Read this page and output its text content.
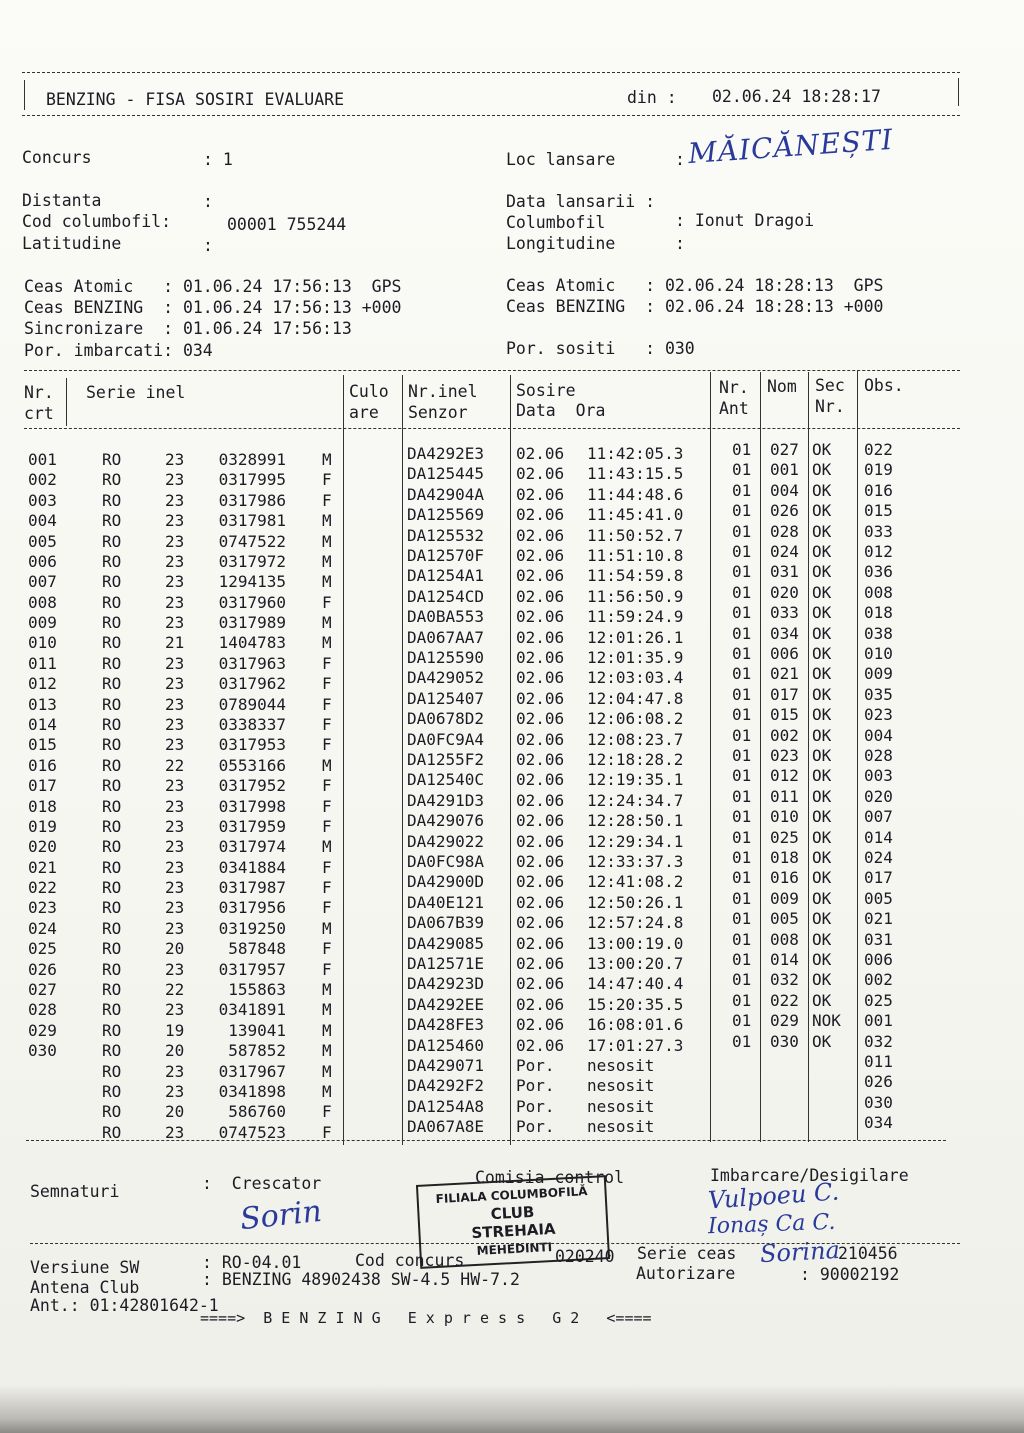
BENZING - FISA SOSIRI EVALUARE	din : 02.06.24 18:28:17
Concurs	: 1
Distanta	:
Cod columbofil:	00001 755244
Latitudine	:
Loc lansare	: MĂICĂNEȘTI
Data lansarii :
Columbofil	: Ionut Dragoi
Longitudine	:
Ceas Atomic   : 01.06.24 17:56:13  GPS
Ceas BENZING  : 01.06.24 17:56:13 +000
Sincronizare  : 01.06.24 17:56:13
Por. imbarcati: 034
Ceas Atomic   : 02.06.24 18:28:13  GPS
Ceas BENZING  : 02.06.24 18:28:13 +000
Por. sositi   : 030
Nr.
crt
Serie inel	Culo
are
Nr.inel
Senzor
Sosire
Data  Ora
Nr.
Ant
Nom Sec
Nr.
Obs.
001	RO	23	0328991 M	DA4292E3 02.06 11:42:05.3	01 027 OK 022
002	RO	23	0317995 F	DA125445 02.06 11:43:15.5	01 001 OK 019
003	RO	23	0317986 F	DA42904A 02.06 11:44:48.6	01 004 OK 016
004	RO	23	0317981 M	DA125569 02.06 11:45:41.0	01 026 OK 015
005	RO	23	0747522 M	DA125532 02.06 11:50:52.7	01 028 OK 033
006	RO	23	0317972 M	DA12570F 02.06 11:51:10.8	01 024 OK 012
007	RO	23	1294135 M	DA1254A1 02.06 11:54:59.8	01 031 OK 036
008	RO	23	0317960 F	DA1254CD 02.06 11:56:50.9	01 020 OK 008
009	RO	23	0317989 M	DA0BA553 02.06 11:59:24.9	01 033 OK 018
010	RO	21	1404783 M	DA067AA7 02.06 12:01:26.1	01 034 OK 038
011	RO	23	0317963 F	DA125590 02.06 12:01:35.9	01 006 OK 010
012	RO	23	0317962 F	DA429052 02.06 12:03:03.4	01 021 OK 009
013	RO	23	0789044 F	DA125407 02.06 12:04:47.8	01 017 OK 035
014	RO	23	0338337 F	DA0678D2 02.06 12:06:08.2	01 015 OK 023
015	RO	23	0317953 F	DA0FC9A4 02.06 12:08:23.7	01 002 OK 004
016	RO	22	0553166 M	DA1255F2 02.06 12:18:28.2	01 023 OK 028
017	RO	23	0317952 F	DA12540C 02.06 12:19:35.1	01 012 OK 003
018	RO	23	0317998 F	DA4291D3 02.06 12:24:34.7	01 011 OK 020
019	RO	23	0317959 F	DA429076 02.06 12:28:50.1	01 010 OK 007
020	RO	23	0317974 M	DA429022 02.06 12:29:34.1	01 025 OK 014
021	RO	23	0341884 F	DA0FC98A 02.06 12:33:37.3	01 018 OK 024
022	RO	23	0317987 F	DA42900D 02.06 12:41:08.2	01 016 OK 017
023	RO	23	0317956 F	DA40E121 02.06 12:50:26.1	01 009 OK 005
024	RO	23	0319250 M	DA067B39 02.06 12:57:24.8	01 005 OK 021
025	RO	20	587848 F	DA429085 02.06 13:00:19.0	01 008 OK 031
026	RO	23	0317957 F	DA12571E 02.06 13:00:20.7	01 014 OK 006
027	RO	22	155863 M	DA42923D 02.06 14:47:40.4	01 032 OK 002
028	RO	23	0341891 M	DA4292EE 02.06 15:20:35.5	01 022 OK 025
029	RO	19	139041 M	DA428FE3 02.06 16:08:01.6	01 029 NOK 001
030	RO	20	587852 M	DA125460 02.06 17:01:27.3	01 030 OK 032
RO	23	0317967 M	DA429071 Por. nesosit	011
RO	23	0341898 M	DA4292F2 Por. nesosit	026
RO	20	586760 F	DA1254A8 Por. nesosit	030
RO	23	0747523 F	DA067A8E Por. nesosit	034
Semnaturi	:  Crescator	Comisia control	Imbarcare/Desigilare
Sorin	Vulpoeu C.
Ionaș Ca C.
Sorina
FILIALA COLUMBOFILĂ
CLUB
STREHAIA
MEHEDINTI
Versiune SW	: RO-04.01	Cod concurs	020240 Serie ceas	210456
Antena Club	: BENZING 48902438 SW-4.5 HW-7.2	Autorizare	: 90002192
Ant.: 01:42801642-1
====>  B E N Z I N G   E x p r e s s   G 2   <====
